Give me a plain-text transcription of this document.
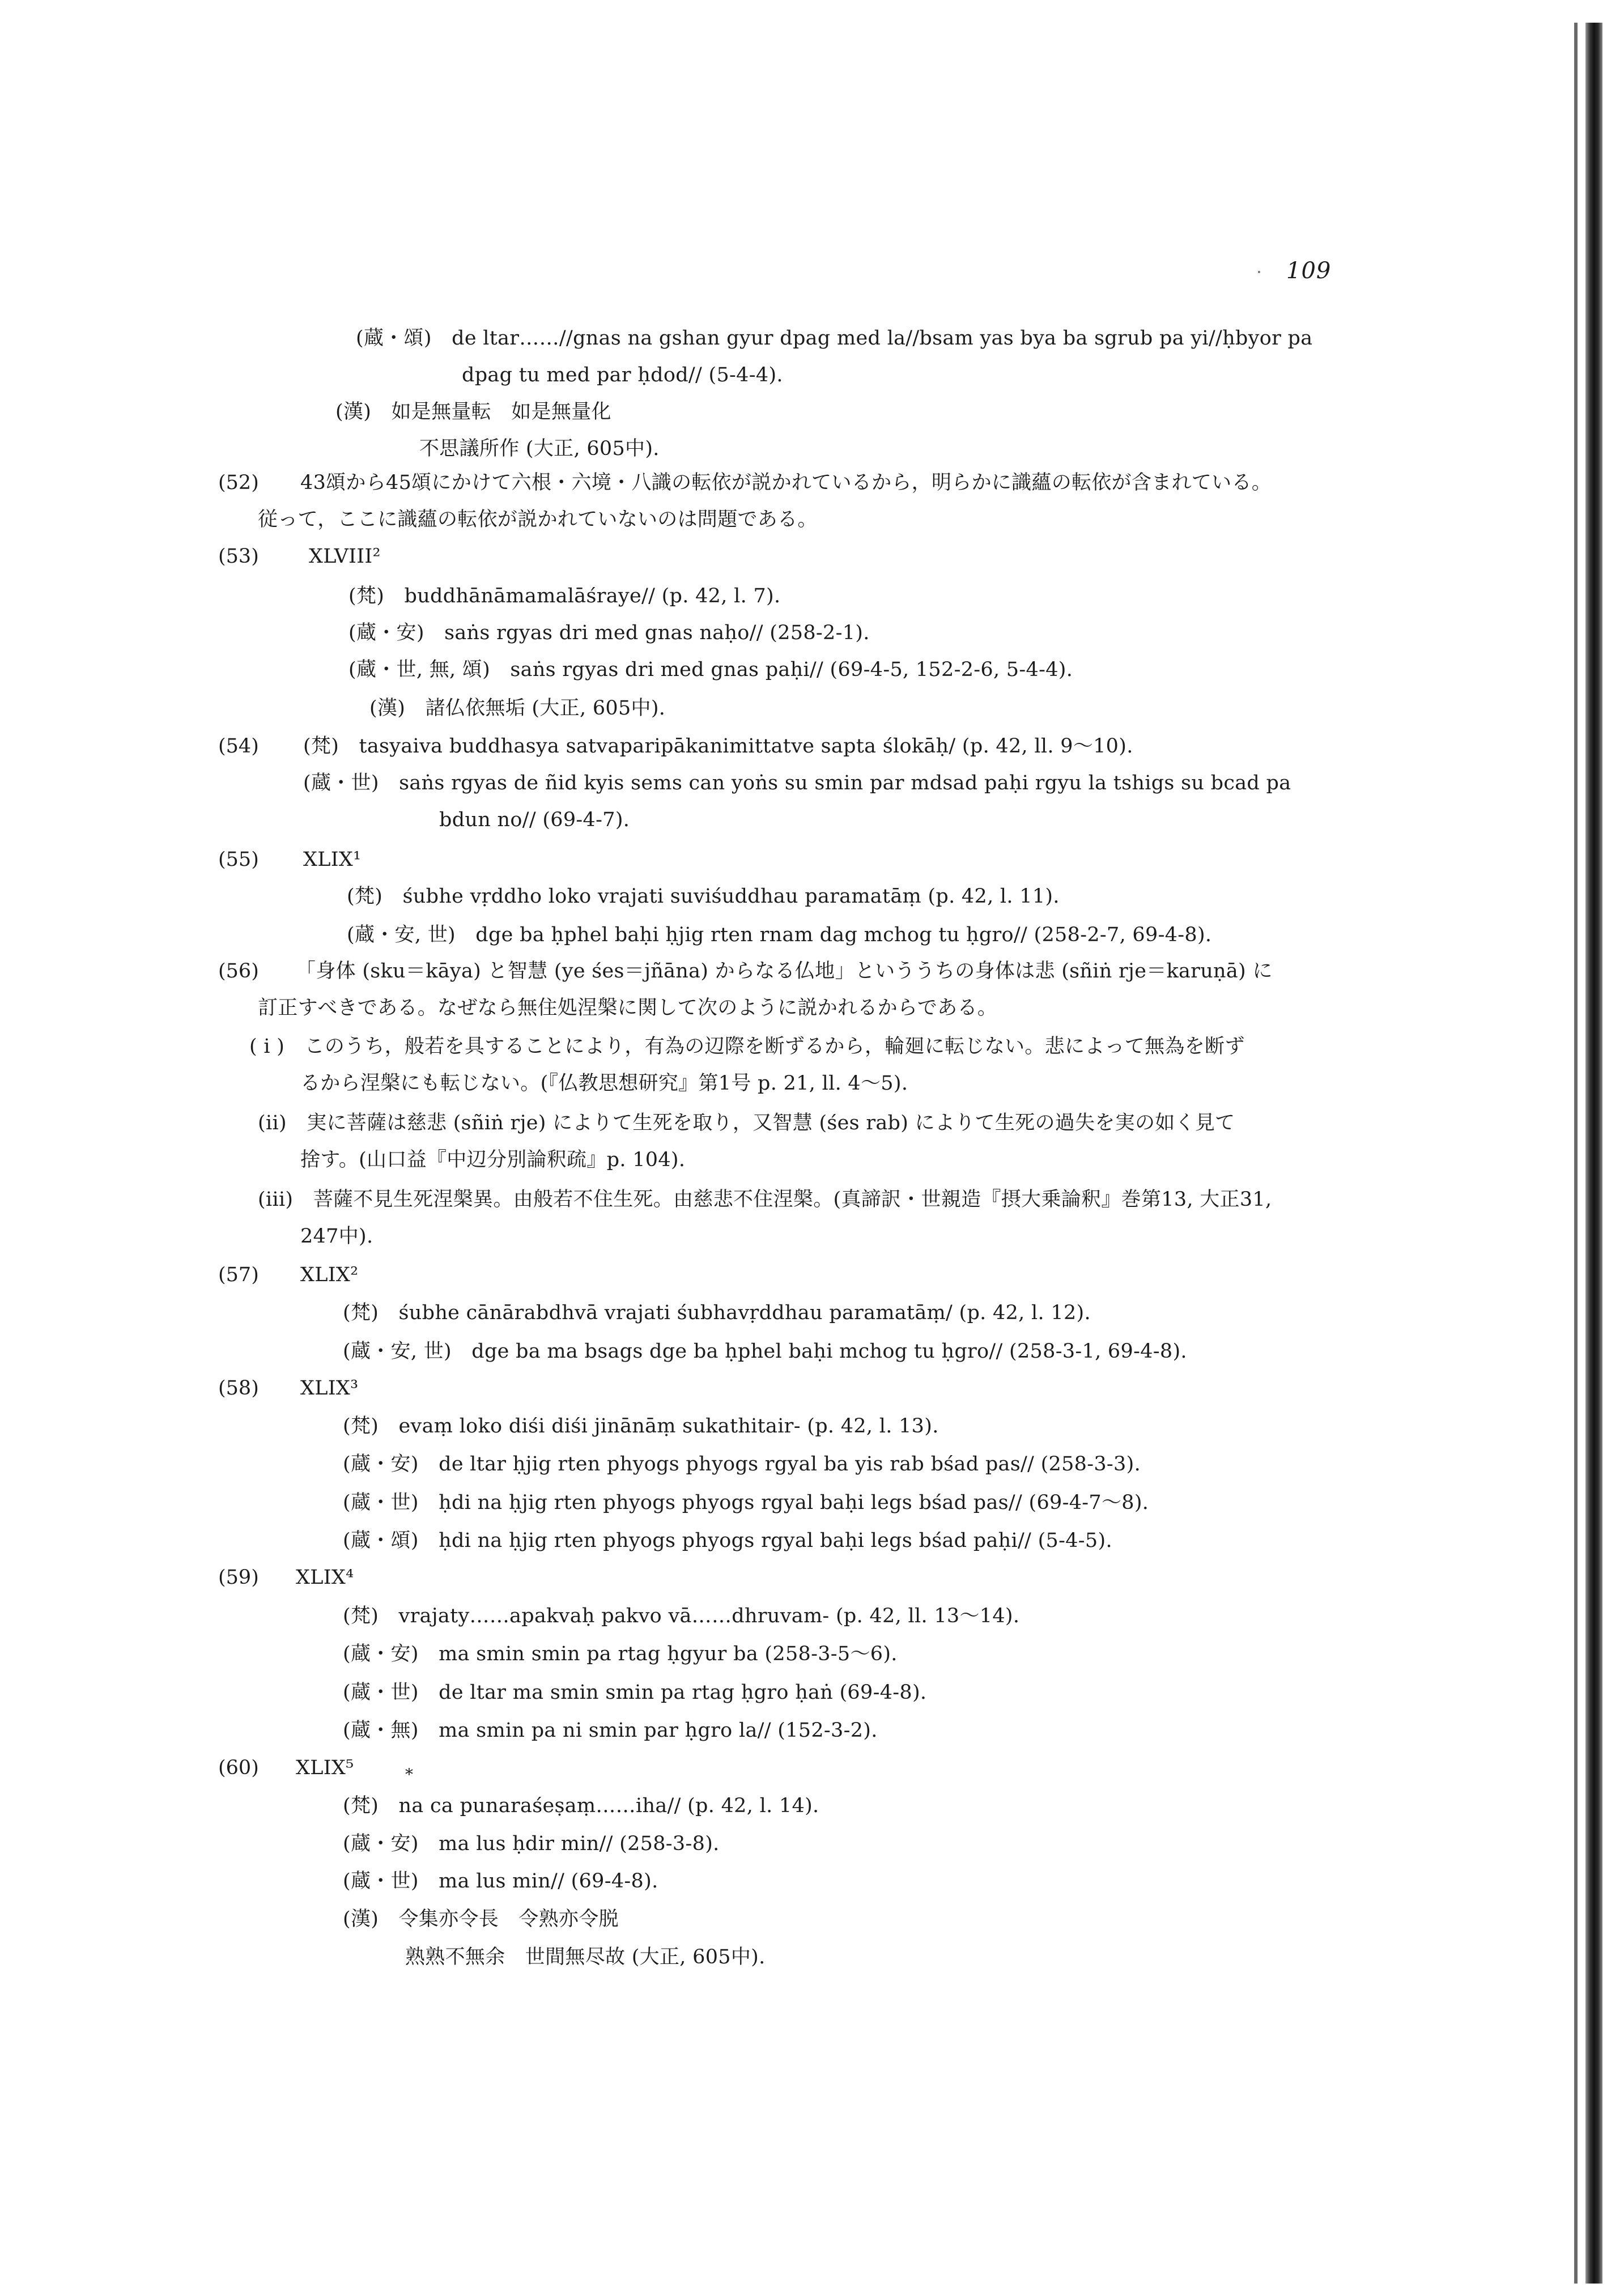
109
(蔵・頌)　de ltar……//gnas na gshan gyur dpag med la//bsam yas bya ba sgrub pa yi//ḥbyor pa
dpag tu med par ḥdod// (5-4-4).
(漢)　如是無量転　如是無量化
不思議所作 (大正, 605中).
(52) 43頌から45頌にかけて六根・六境・八識の転依が説かれているから，明らかに識蘊の転依が含まれている。
従って，ここに識蘊の転依が説かれていないのは問題である。
(53)	XLVIII²
(梵)　buddhānāmamalāśraye// (p. 42, l. 7).
(蔵・安)　saṅs rgyas dri med gnas naḥo// (258-2-1).
(蔵・世, 無, 頌)　saṅs rgyas dri med gnas paḥi// (69-4-5, 152-2-6, 5-4-4).
(漢)　諸仏依無垢 (大正, 605中).
(54) (梵)　tasyaiva buddhasya satvaparipākanimittatve sapta ślokāḥ/ (p. 42, ll. 9～10).
(蔵・世)　saṅs rgyas de ñid kyis sems can yoṅs su smin par mdsad paḥi rgyu la tshigs su bcad pa
bdun no// (69-4-7).
(55) XLIX¹
(梵)　śubhe vṛddho loko vrajati suviśuddhau paramatāṃ (p. 42, l. 11).
(蔵・安, 世)　dge ba ḥphel baḥi ḥjig rten rnam dag mchog tu ḥgro// (258-2-7, 69-4-8).
(56) 「身体 (sku＝kāya) と智慧 (ye śes＝jñāna) からなる仏地」といううちの身体は悲 (sñiṅ rje＝karuṇā) に
訂正すべきである。なぜなら無住処涅槃に関して次のように説かれるからである。
( i )　このうち，般若を具することにより，有為の辺際を断ずるから，輪廻に転じない。悲によって無為を断ず
るから涅槃にも転じない。(『仏教思想研究』第1号 p. 21, ll. 4～5).
(ii)　実に菩薩は慈悲 (sñiṅ rje) によりて生死を取り，又智慧 (śes rab) によりて生死の過失を実の如く見て
捨す。(山口益『中辺分別論釈疏』p. 104).
(iii)　菩薩不見生死涅槃異。由般若不住生死。由慈悲不住涅槃。(真諦訳・世親造『摂大乗論釈』巻第13, 大正31,
247中).
(57) XLIX²
(梵)　śubhe cānārabdhvā vrajati śubhavṛddhau paramatāṃ/ (p. 42, l. 12).
(蔵・安, 世)　dge ba ma bsags dge ba ḥphel baḥi mchog tu ḥgro// (258-3-1, 69-4-8).
(58) XLIX³
(梵)　evaṃ loko diśi diśi jinānāṃ sukathitair- (p. 42, l. 13).
(蔵・安)　de ltar ḥjig rten phyogs phyogs rgyal ba yis rab bśad pas// (258-3-3).
(蔵・世)　ḥdi na ḥjig rten phyogs phyogs rgyal baḥi legs bśad pas// (69-4-7～8).
(蔵・頌)　ḥdi na ḥjig rten phyogs phyogs rgyal baḥi legs bśad paḥi// (5-4-5).
(59) XLIX⁴
(梵)　vrajaty……apakvaḥ pakvo vā……dhruvam- (p. 42, ll. 13～14).
(蔵・安)　ma smin smin pa rtag ḥgyur ba (258-3-5～6).
(蔵・世)　de ltar ma smin smin pa rtag ḥgro ḥaṅ (69-4-8).
(蔵・無)　ma smin pa ni smin par ḥgro la// (152-3-2).
(60) XLIX⁵	*
(梵)　na ca punaraśeṣaṃ……iha// (p. 42, l. 14).
(蔵・安)　ma lus ḥdir min// (258-3-8).
(蔵・世)　ma lus min// (69-4-8).
(漢)　令集亦令長　令熟亦令脱
熟熟不無余　世間無尽故 (大正, 605中).
